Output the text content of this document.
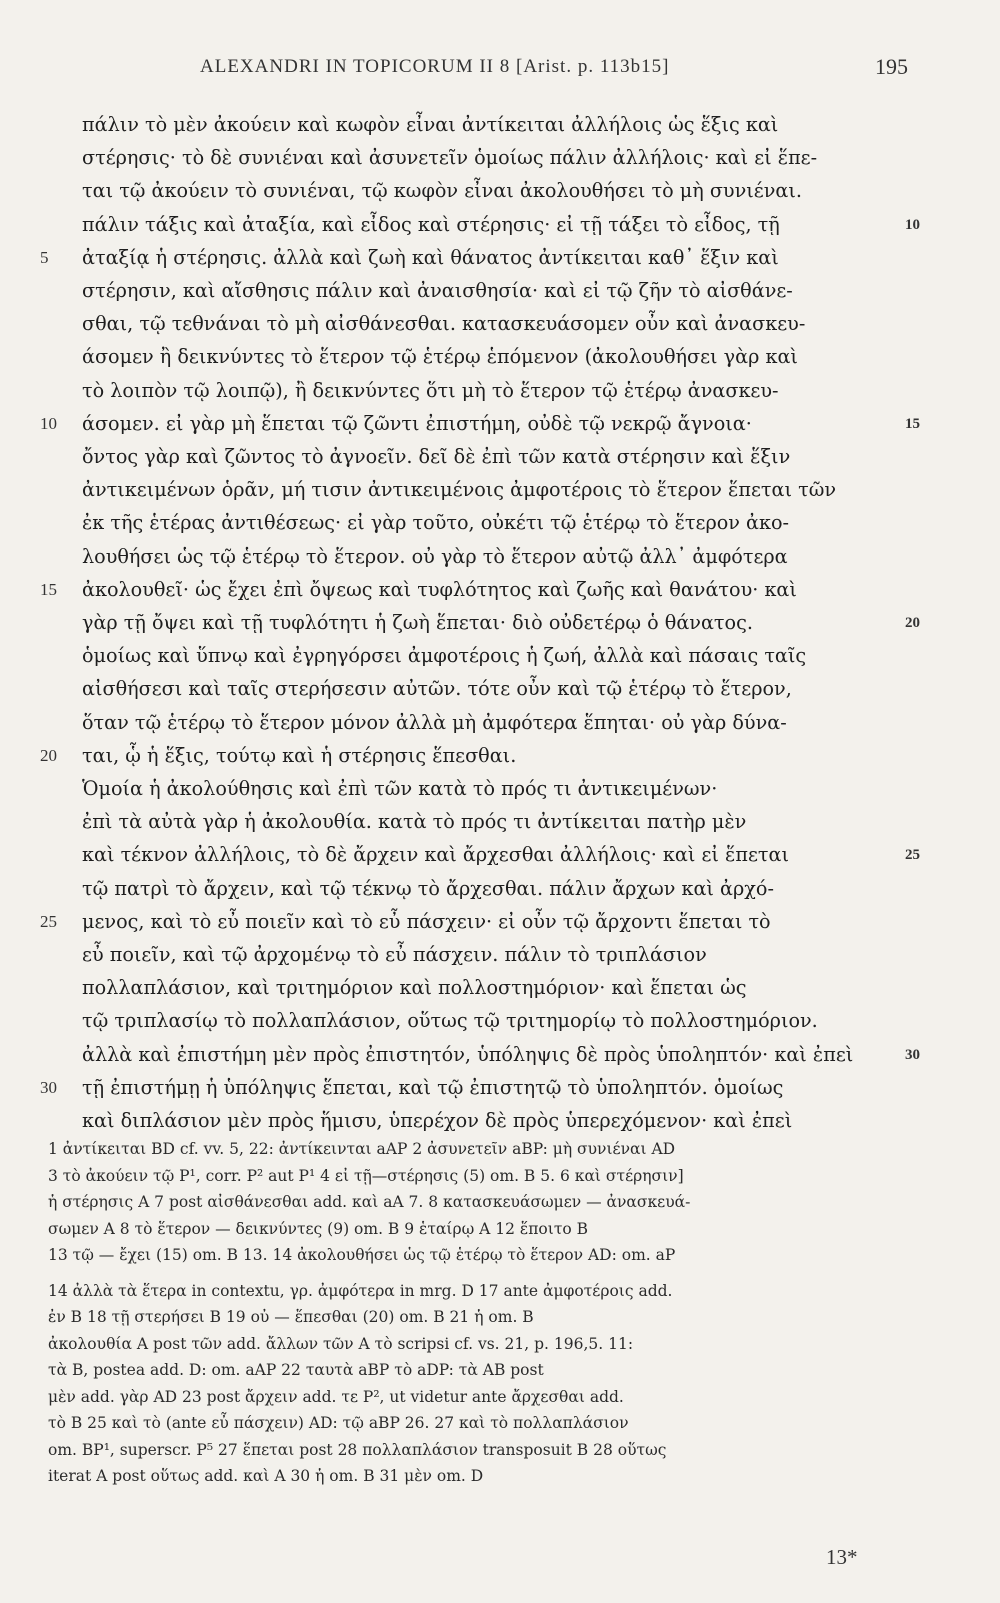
ALEXANDRI IN TOPICORUM II 8 [Arist. p. 113b15]	195
πάλιν τὸ μὲν ἀκούειν καὶ κωφὸν εἶναι ἀντίκειται ἀλλήλοις ὡς ἕξις καὶ
στέρησις· τὸ δὲ συνιέναι καὶ ἀσυνετεῖν ὁμοίως πάλιν ἀλλήλοις· καὶ εἰ ἕπε-
ται τῷ ἀκούειν τὸ συνιέναι, τῷ κωφὸν εἶναι ἀκολουθήσει τὸ μὴ συνιέναι.
πάλιν τάξις καὶ ἀταξία, καὶ εἶδος καὶ στέρησις· εἰ τῇ τάξει τὸ εἶδος, τῇ	10
5	ἀταξίᾳ ἡ στέρησις. ἀλλὰ καὶ ζωὴ καὶ θάνατος ἀντίκειται καθ᾽ ἕξιν καὶ
στέρησιν, καὶ αἴσθησις πάλιν καὶ ἀναισθησία· καὶ εἰ τῷ ζῆν τὸ αἰσθάνε-
σθαι, τῷ τεθνάναι τὸ μὴ αἰσθάνεσθαι. κατασκευάσομεν οὖν καὶ ἀνασκευ-
άσομεν ἢ δεικνύντες τὸ ἕτερον τῷ ἑτέρῳ ἑπόμενον (ἀκολουθήσει γὰρ καὶ
τὸ λοιπὸν τῷ λοιπῷ), ἢ δεικνύντες ὅτι μὴ τὸ ἕτερον τῷ ἑτέρῳ ἀνασκευ-
10	άσομεν. εἰ γὰρ μὴ ἕπεται τῷ ζῶντι ἐπιστήμη, οὐδὲ τῷ νεκρῷ ἄγνοια·	15
ὄντος γὰρ καὶ ζῶντος τὸ ἀγνοεῖν. δεῖ δὲ ἐπὶ τῶν κατὰ στέρησιν καὶ ἕξιν
ἀντικειμένων ὁρᾶν, μή τισιν ἀντικειμένοις ἀμφοτέροις τὸ ἕτερον ἕπεται τῶν
ἐκ τῆς ἑτέρας ἀντιθέσεως· εἰ γὰρ τοῦτο, οὐκέτι τῷ ἑτέρῳ τὸ ἕτερον ἀκο-
λουθήσει ὡς τῷ ἑτέρῳ τὸ ἕτερον. οὐ γὰρ τὸ ἕτερον αὐτῷ ἀλλ᾽ ἀμφότερα
15	ἀκολουθεῖ· ὡς ἔχει ἐπὶ ὄψεως καὶ τυφλότητος καὶ ζωῆς καὶ θανάτου· καὶ
γὰρ τῇ ὄψει καὶ τῇ τυφλότητι ἡ ζωὴ ἕπεται· διὸ οὐδετέρῳ ὁ θάνατος.	20
ὁμοίως καὶ ὕπνῳ καὶ ἐγρηγόρσει ἀμφοτέροις ἡ ζωή, ἀλλὰ καὶ πάσαις ταῖς
αἰσθήσεσι καὶ ταῖς στερήσεσιν αὐτῶν. τότε οὖν καὶ τῷ ἑτέρῳ τὸ ἕτερον,
ὅταν τῷ ἑτέρῳ τὸ ἕτερον μόνον ἀλλὰ μὴ ἀμφότερα ἕπηται· οὐ γὰρ δύνα-
20	ται, ᾧ ἡ ἕξις, τούτῳ καὶ ἡ στέρησις ἕπεσθαι.
Ὁμοία ἡ ἀκολούθησις καὶ ἐπὶ τῶν κατὰ τὸ πρός τι ἀντικειμένων·
ἐπὶ τὰ αὐτὰ γὰρ ἡ ἀκολουθία. κατὰ τὸ πρός τι ἀντίκειται πατὴρ μὲν
καὶ τέκνον ἀλλήλοις, τὸ δὲ ἄρχειν καὶ ἄρχεσθαι ἀλλήλοις· καὶ εἰ ἕπεται	25
τῷ πατρὶ τὸ ἄρχειν, καὶ τῷ τέκνῳ τὸ ἄρχεσθαι. πάλιν ἄρχων καὶ ἀρχό-
25	μενος, καὶ τὸ εὖ ποιεῖν καὶ τὸ εὖ πάσχειν· εἰ οὖν τῷ ἄρχοντι ἕπεται τὸ
εὖ ποιεῖν, καὶ τῷ ἀρχομένῳ τὸ εὖ πάσχειν. πάλιν τὸ τριπλάσιον
πολλαπλάσιον, καὶ τριτημόριον καὶ πολλοστημόριον· καὶ ἕπεται ὡς
τῷ τριπλασίῳ τὸ πολλαπλάσιον, οὕτως τῷ τριτημορίῳ τὸ πολλοστημόριον.
ἀλλὰ καὶ ἐπιστήμη μὲν πρὸς ἐπιστητόν, ὑπόληψις δὲ πρὸς ὑποληπτόν· καὶ ἐπεὶ	30
30	τῇ ἐπιστήμῃ ἡ ὑπόληψις ἕπεται, καὶ τῷ ἐπιστητῷ τὸ ὑποληπτόν. ὁμοίως
καὶ διπλάσιον μὲν πρὸς ἥμισυ, ὑπερέχον δὲ πρὸς ὑπερεχόμενον· καὶ ἐπεὶ
1 ἀντίκειται BD cf. vv. 5, 22: ἀντίκεινται aAP 2 ἀσυνετεῖν aBP: μὴ συνιέναι AD
3 τὸ ἀκούειν τῷ P¹, corr. P² aut P¹ 4 εἰ τῇ—στέρησις (5) om. B 5. 6 καὶ στέρησιν]
ἡ στέρησις A 7 post αἰσθάνεσθαι add. καὶ aA 7. 8 κατασκευάσωμεν — ἀνασκευά-
σωμεν A 8 τὸ ἕτερον — δεικνύντες (9) om. B 9 ἑταίρῳ A 12 ἕποιτο B
13 τῷ — ἔχει (15) om. B 13. 14 ἀκολουθήσει ὡς τῷ ἑτέρῳ τὸ ἕτερον AD: om. aP
14 ἀλλὰ τὰ ἕτερα in contextu, γρ. ἀμφότερα in mrg. D 17 ante ἀμφοτέροις add.
ἐν B 18 τῇ στερήσει B 19 οὐ — ἕπεσθαι (20) om. B 21 ἡ om. B
ἀκολουθία A post τῶν add. ἄλλων τῶν A τὸ scripsi cf. vs. 21, p. 196,5. 11:
τὰ B, postea add. D: om. aAP 22 ταυτὰ aBP τὸ aDP: τὰ AB post
μὲν add. γὰρ AD 23 post ἄρχειν add. τε P², ut videtur ante ἄρχεσθαι add.
τὸ B 25 καὶ τὸ (ante εὖ πάσχειν) AD: τῷ aBP 26. 27 καὶ τὸ πολλαπλάσιον
om. BP¹, superscr. P⁵ 27 ἕπεται post 28 πολλαπλάσιον transposuit B 28 οὕτως
iterat A post οὕτως add. καὶ A 30 ἡ om. B 31 μὲν om. D
13*
